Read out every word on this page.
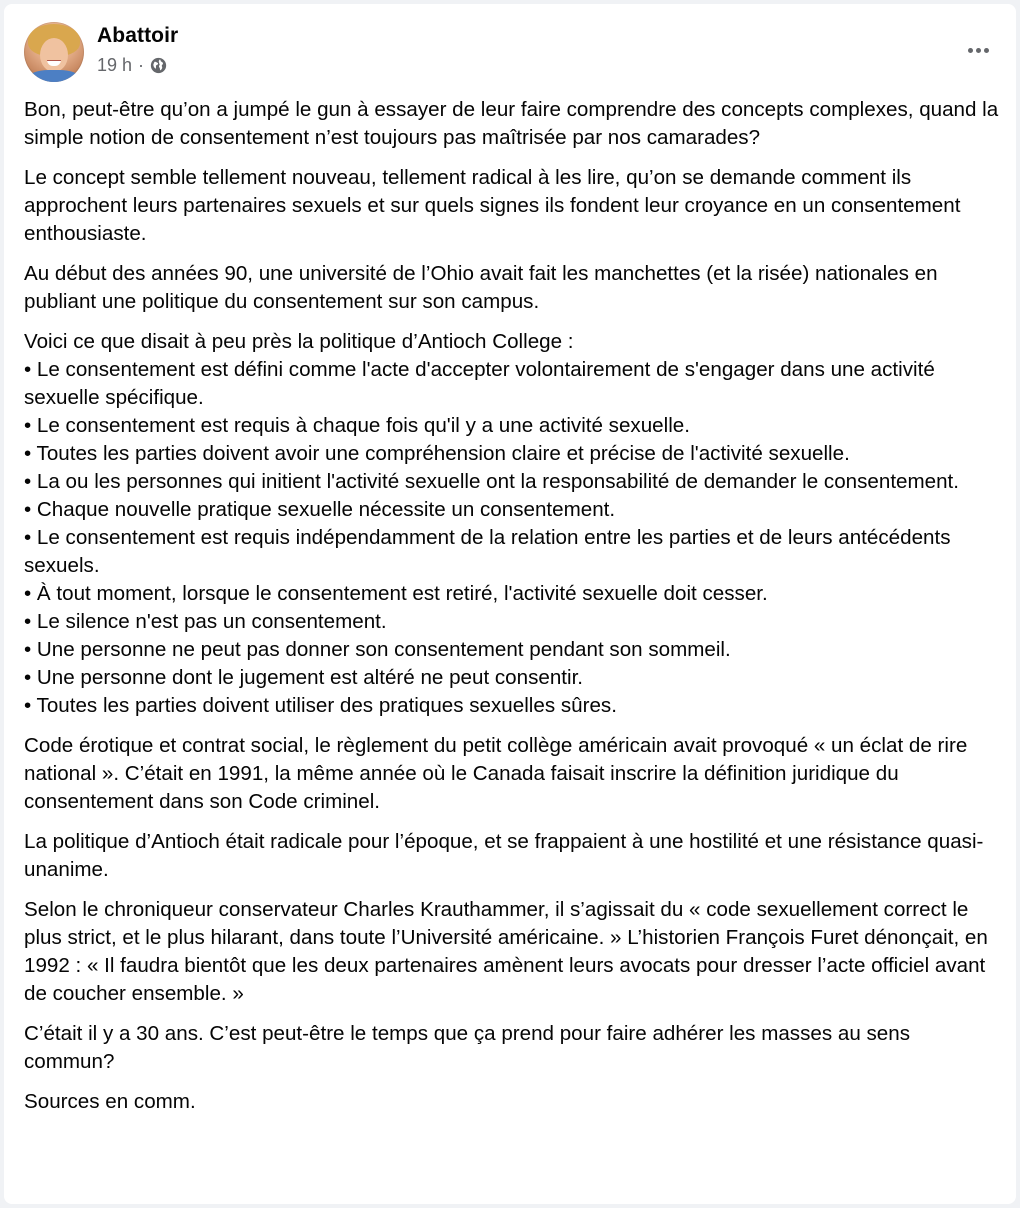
Abattoir
19 h ·

Bon, peut-être qu’on a jumpé le gun à essayer de leur faire comprendre des concepts complexes, quand la simple notion de consentement n’est toujours pas maîtrisée par nos camarades?

Le concept semble tellement nouveau, tellement radical à les lire, qu’on se demande comment ils approchent leurs partenaires sexuels et sur quels signes ils fondent leur croyance en un consentement enthousiaste.

Au début des années 90, une université de l’Ohio avait fait les manchettes (et la risée) nationales en publiant une politique du consentement sur son campus.

Voici ce que disait à peu près la politique d’Antioch College :
• Le consentement est défini comme l'acte d'accepter volontairement de s'engager dans une activité sexuelle spécifique.
• Le consentement est requis à chaque fois qu'il y a une activité sexuelle.
• Toutes les parties doivent avoir une compréhension claire et précise de l'activité sexuelle.
• La ou les personnes qui initient l'activité sexuelle ont la responsabilité de demander le consentement.
• Chaque nouvelle pratique sexuelle nécessite un consentement.
• Le consentement est requis indépendamment de la relation entre les parties et de leurs antécédents sexuels.
• À tout moment, lorsque le consentement est retiré, l'activité sexuelle doit cesser.
• Le silence n'est pas un consentement.
• Une personne ne peut pas donner son consentement pendant son sommeil.
• Une personne dont le jugement est altéré ne peut consentir.
• Toutes les parties doivent utiliser des pratiques sexuelles sûres.

Code érotique et contrat social, le règlement du petit collège américain avait provoqué « un éclat de rire national ». C’était en 1991, la même année où le Canada faisait inscrire la définition juridique du consentement dans son Code criminel.

La politique d’Antioch était radicale pour l’époque, et se frappaient à une hostilité et une résistance quasi-unanime.

Selon le chroniqueur conservateur Charles Krauthammer, il s’agissait du « code sexuellement correct le plus strict, et le plus hilarant, dans toute l’Université américaine. » L’historien François Furet dénonçait, en 1992 : « Il faudra bientôt que les deux partenaires amènent leurs avocats pour dresser l’acte officiel avant de coucher ensemble. »

C’était il y a 30 ans. C’est peut-être le temps que ça prend pour faire adhérer les masses au sens commun?

Sources en comm.
